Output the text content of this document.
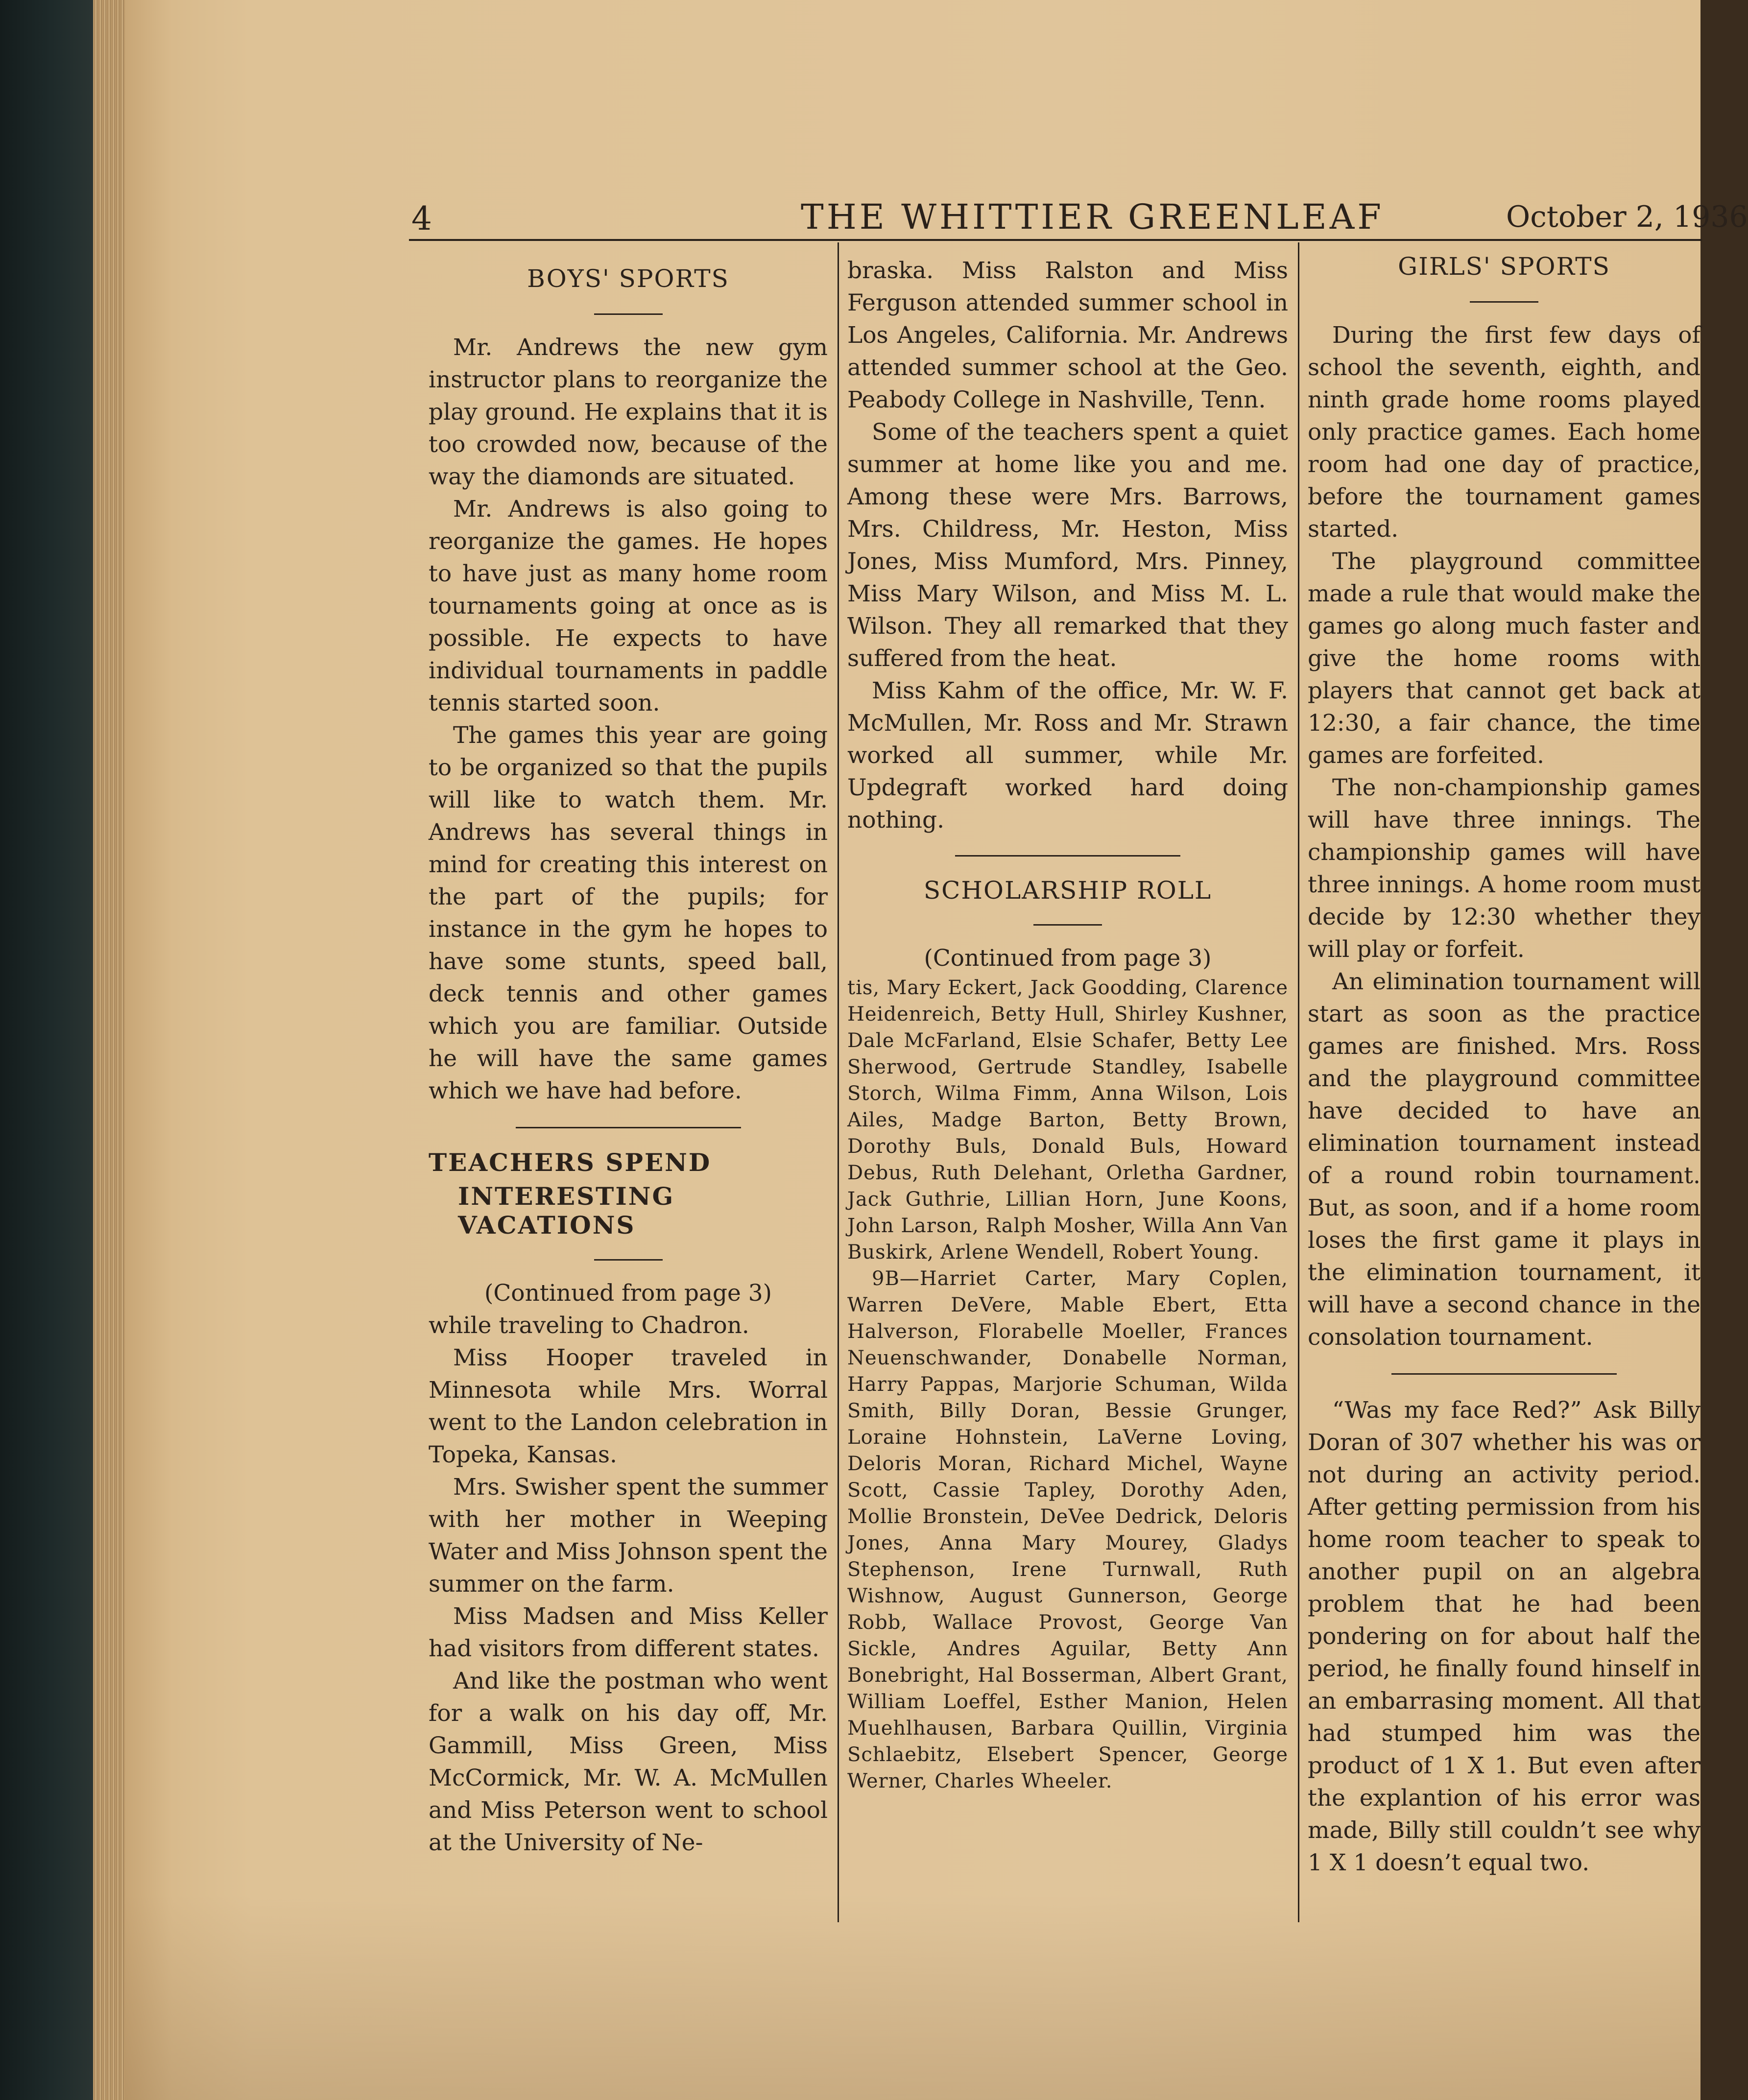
4	THE WHITTIER GREENLEAF	October 2, 1936
BOYS' SPORTS

Mr. Andrews the new gym instructor plans to reorganize the play ground. He explains that it is too crowded now, because of the way the diamonds are situated.

Mr. Andrews is also going to reorganize the games. He hopes to have just as many home room tournaments going at once as is possible. He expects to have individual tournaments in paddle tennis started soon.

The games this year are going to be organized so that the pupils will like to watch them. Mr. Andrews has several things in mind for creating this interest on the part of the pupils; for instance in the gym he hopes to have some stunts, speed ball, deck tennis and other games which you are familiar. Outside he will have the same games which we have had before.

TEACHERS SPEND
INTERESTING VACATIONS

(Continued from page 3)

while traveling to Chadron.

Miss Hooper traveled in Minnesota while Mrs. Worral went to the Landon celebration in Topeka, Kansas.

Mrs. Swisher spent the summer with her mother in Weeping Water and Miss Johnson spent the summer on the farm.

Miss Madsen and Miss Keller had visitors from different states.

And like the postman who went for a walk on his day off, Mr. Gammill, Miss Green, Miss McCormick, Mr. W. A. McMullen and Miss Peterson went to school at the University of Ne-

braska. Miss Ralston and Miss Ferguson attended summer school in Los Angeles, California. Mr. Andrews attended summer school at the Geo. Peabody College in Nashville, Tenn.

Some of the teachers spent a quiet summer at home like you and me. Among these were Mrs. Barrows, Mrs. Childress, Mr. Heston, Miss Jones, Miss Mumford, Mrs. Pinney, Miss Mary Wilson, and Miss M. L. Wilson. They all remarked that they suffered from the heat.

Miss Kahm of the office, Mr. W. F. McMullen, Mr. Ross and Mr. Strawn worked all summer, while Mr. Updegraft worked hard doing nothing.

SCHOLARSHIP ROLL

(Continued from page 3)

tis, Mary Eckert, Jack Goodding, Clarence Heidenreich, Betty Hull, Shirley Kushner, Dale McFarland, Elsie Schafer, Betty Lee Sherwood, Gertrude Standley, Isabelle Storch, Wilma Fimm, Anna Wilson, Lois Ailes, Madge Barton, Betty Brown, Dorothy Buls, Donald Buls, Howard Debus, Ruth Delehant, Orletha Gardner, Jack Guthrie, Lillian Horn, June Koons, John Larson, Ralph Mosher, Willa Ann Van Buskirk, Arlene Wendell, Robert Young.

9B—Harriet Carter, Mary Coplen, Warren DeVere, Mable Ebert, Etta Halverson, Florabelle Moeller, Frances Neuenschwander, Donabelle Norman, Harry Pappas, Marjorie Schuman, Wilda Smith, Billy Doran, Bessie Grunger, Loraine Hohnstein, LaVerne Loving, Deloris Moran, Richard Michel, Wayne Scott, Cassie Tapley, Dorothy Aden, Mollie Bronstein, DeVee Dedrick, Deloris Jones, Anna Mary Mourey, Gladys Stephenson, Irene Turnwall, Ruth Wishnow, August Gunnerson, George Robb, Wallace Provost, George Van Sickle, Andres Aguilar, Betty Ann Bonebright, Hal Bosserman, Albert Grant, William Loeffel, Esther Manion, Helen Muehlhausen, Barbara Quillin, Virginia Schlaebitz, Elsebert Spencer, George Werner, Charles Wheeler.

GIRLS' SPORTS

During the first few days of school the seventh, eighth, and ninth grade home rooms played only practice games. Each home room had one day of practice, before the tournament games started.

The playground committee made a rule that would make the games go along much faster and give the home rooms with players that cannot get back at 12:30, a fair chance, the time games are forfeited.

The non-championship games will have three innings. The championship games will have three innings. A home room must decide by 12:30 whether they will play or forfeit.

An elimination tournament will start as soon as the practice games are finished. Mrs. Ross and the playground committee have decided to have an elimination tournament instead of a round robin tournament. But, as soon, and if a home room loses the first game it plays in the elimination tournament, it will have a second chance in the consolation tournament.

“Was my face Red?” Ask Billy Doran of 307 whether his was or not during an activity period. After getting permission from his home room teacher to speak to another pupil on an algebra problem that he had been pondering on for about half the period, he finally found hinself in an embarrasing moment. All that had stumped him was the product of 1 X 1. But even after the explantion of his error was made, Billy still couldn’t see why 1 X 1 doesn’t equal two.
